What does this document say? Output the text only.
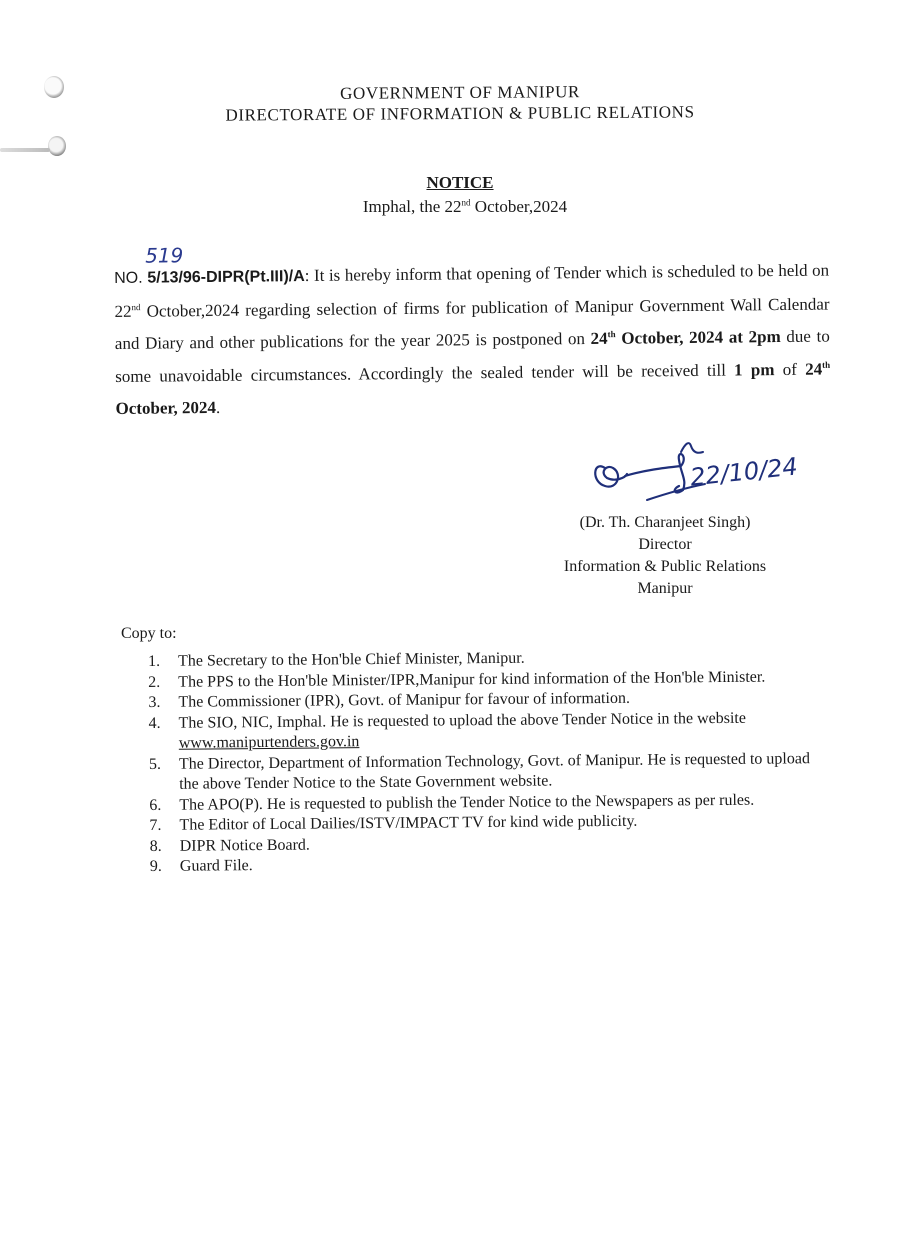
GOVERNMENT OF MANIPUR
DIRECTORATE OF INFORMATION & PUBLIC RELATIONS
NOTICE
Imphal, the 22nd October,2024
NO. 5/13/96-DIPR(Pt.III)/A
519
: It is hereby inform that opening of Tender which is scheduled to be held on 22nd October,2024 regarding selection of firms for publication of Manipur Government Wall Calendar and Diary and other publications for the year 2025 is postponed on 24th October, 2024 at 2pm due to some unavoidable circumstances. Accordingly the sealed tender will be received till 1 pm of 24th October, 2024.
22/10/24
(Dr. Th. Charanjeet Singh)
Director
Information & Public Relations
Manipur
Copy to:
1. The Secretary to the Hon'ble Chief Minister, Manipur.
2. The PPS to the Hon'ble Minister/IPR,Manipur for kind information of the Hon'ble Minister.
3. The Commissioner (IPR), Govt. of Manipur for favour of information.
4. The SIO, NIC, Imphal. He is requested to upload the above Tender Notice in the website www.manipurtenders.gov.in
5. The Director, Department of Information Technology, Govt. of Manipur. He is requested to upload the above Tender Notice to the State Government website.
6. The APO(P). He is requested to publish the Tender Notice to the Newspapers as per rules.
7. The Editor of Local Dailies/ISTV/IMPACT TV for kind wide publicity.
8. DIPR Notice Board.
9. Guard File.
